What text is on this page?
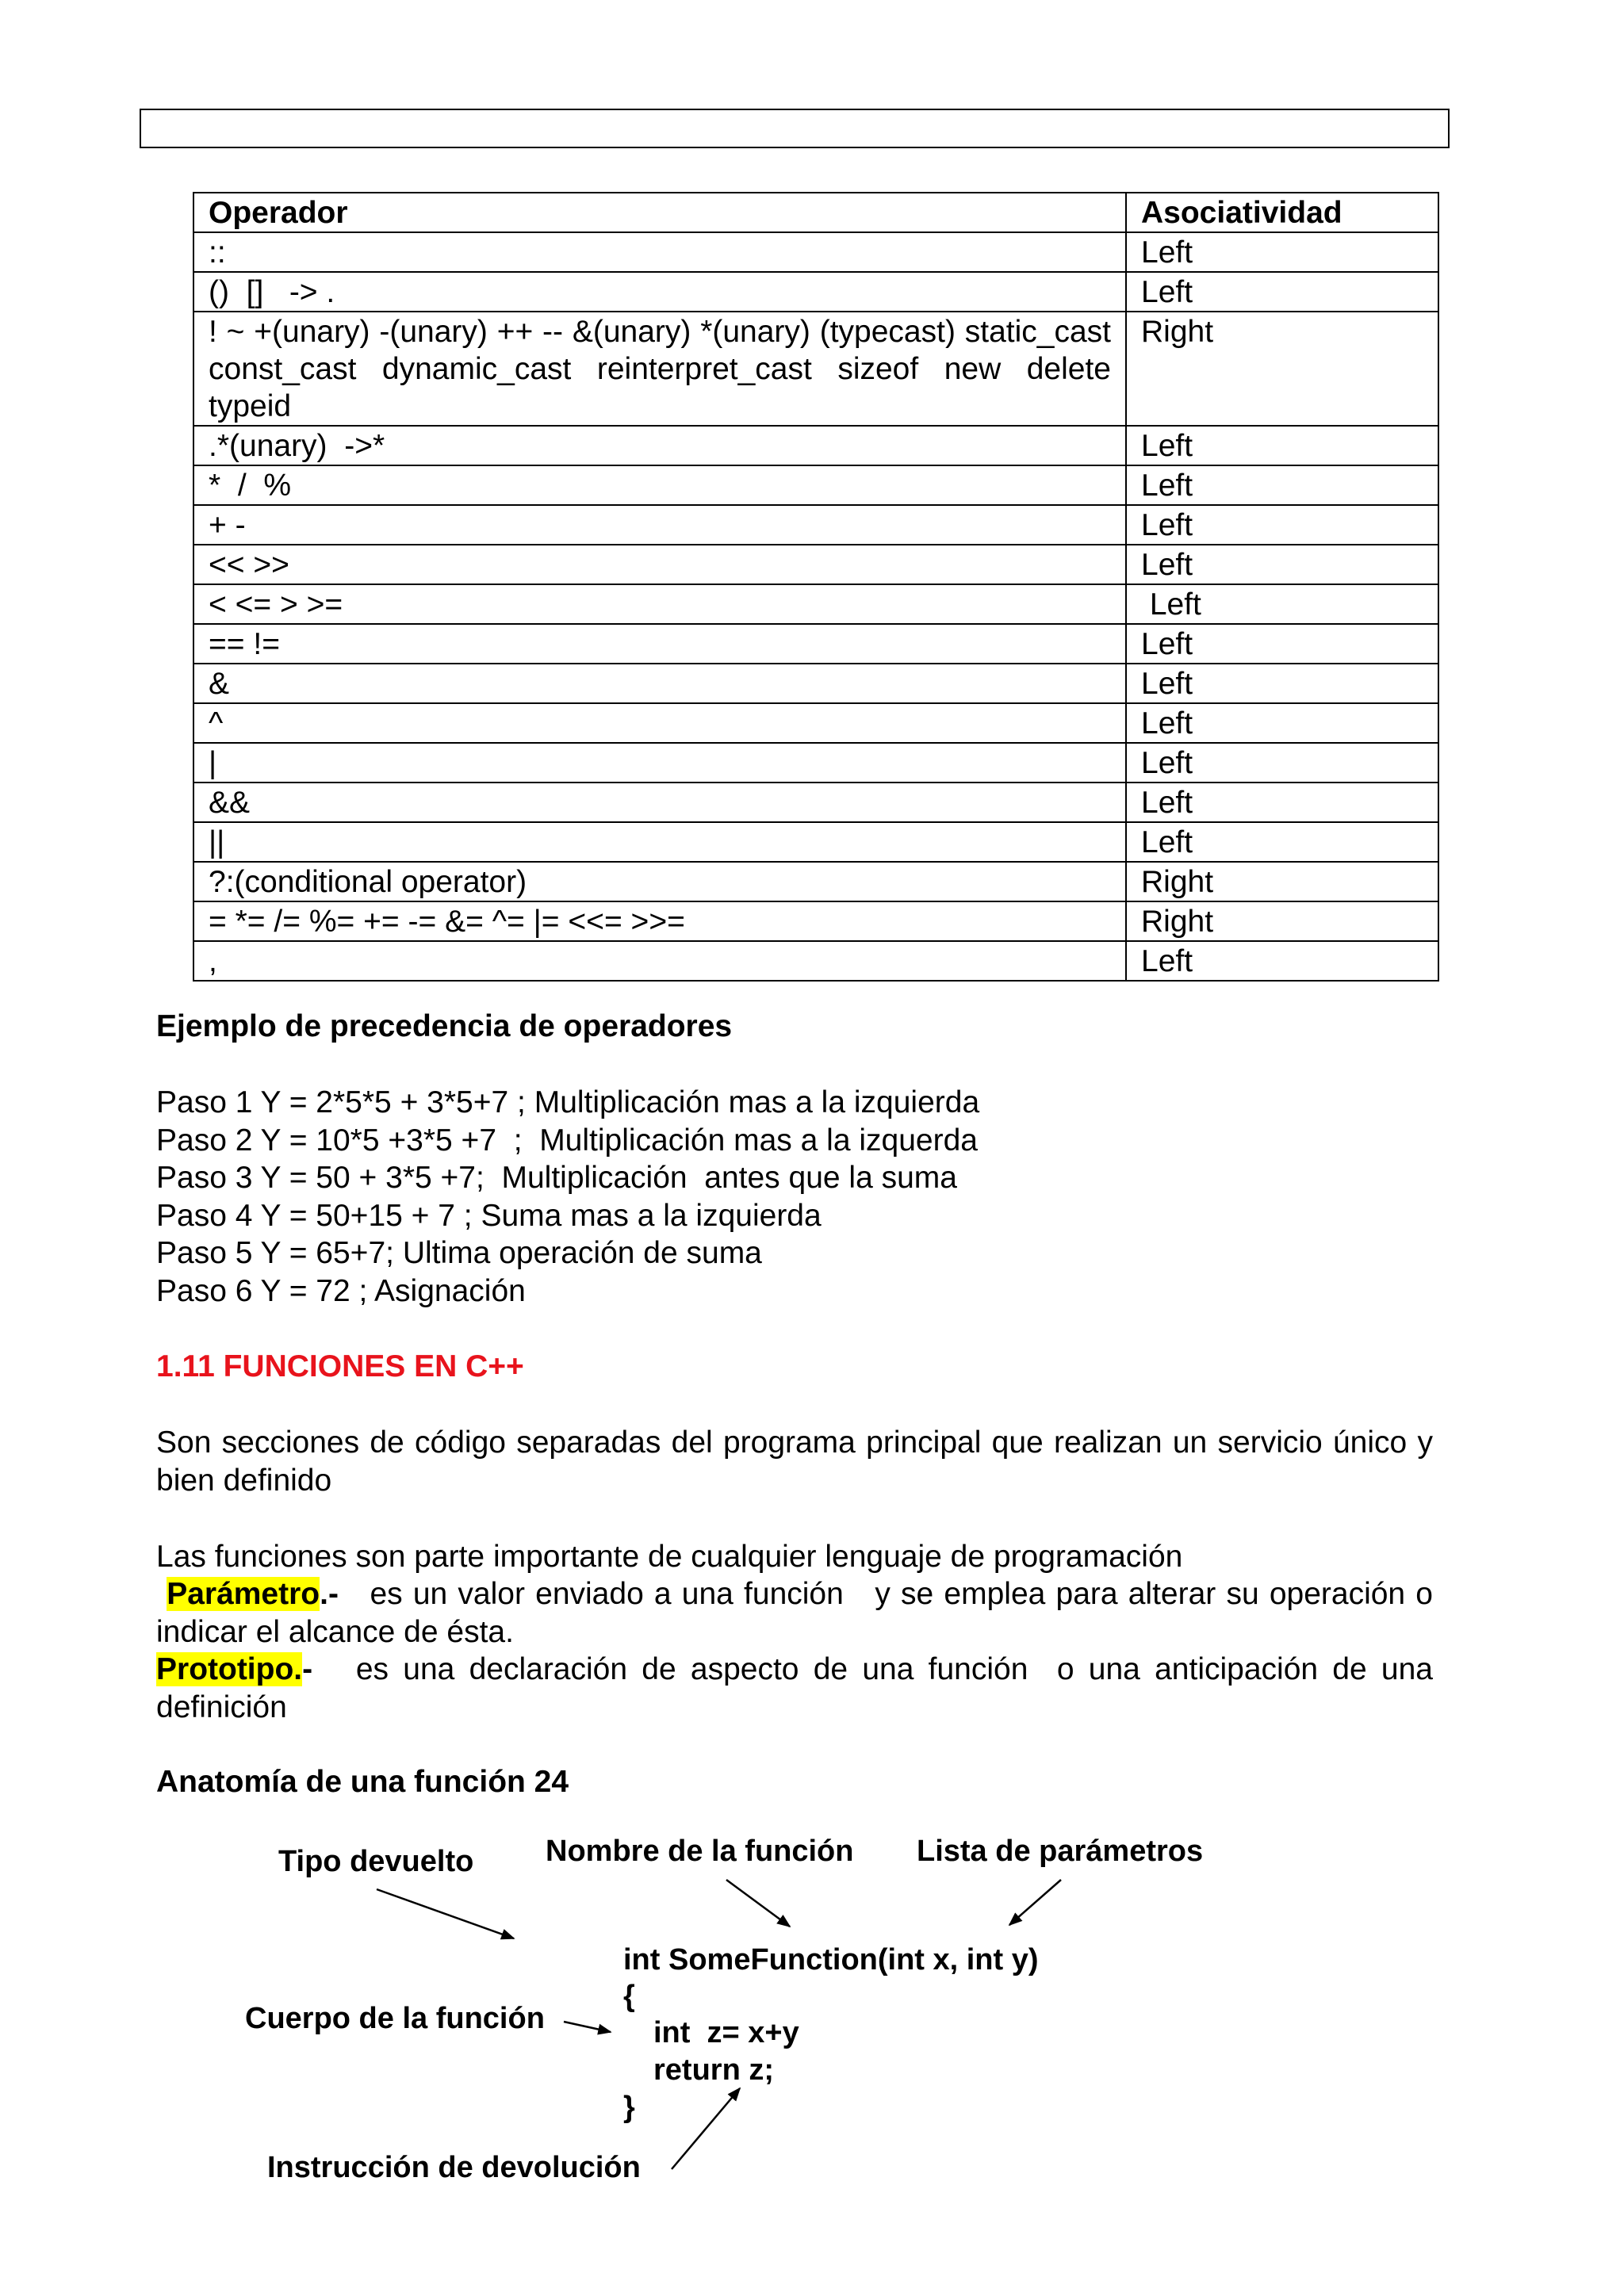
Operador	Asociatividad
::	Left
()  []   -> .	Left
! ~ +(unary) -(unary) ++ -- &(unary) *(unary) (typecast) static_cast const_cast dynamic_cast reinterpret_cast sizeof new delete typeid	Right
.*(unary)  ->*	Left
*  /  %	Left
+ -	Left
<< >>	Left
< <= > >=	Left
== !=	Left
&	Left
^	Left
|	Left
&&	Left
||	Left
?:(conditional operator)	Right
= *= /= %= += -= &= ^= |= <<= >>=	Right
,	Left
Ejemplo de precedencia de operadores
Paso 1 Y = 2*5*5 + 3*5+7 ; Multiplicación mas a la izquierda
Paso 2 Y = 10*5 +3*5 +7  ;  Multiplicación mas a la izquerda
Paso 3 Y = 50 + 3*5 +7;  Multiplicación  antes que la suma
Paso 4 Y = 50+15 + 7 ; Suma mas a la izquierda
Paso 5 Y = 65+7; Ultima operación de suma
Paso 6 Y = 72 ; Asignación
1.11 FUNCIONES EN C++
Son secciones de código separadas del programa principal que realizan un servicio único y bien definido
Las funciones son parte importante de cualquier lenguaje de programación
Parámetro.-   es un valor enviado a una función   y se emplea para alterar su operación o indicar el alcance de ésta.
Prototipo.-   es una declaración de aspecto de una función  o una anticipación de una definición
Anatomía de una función 24
Tipo devuelto Nombre de la función Lista de parámetros
Cuerpo de la función
Instrucción de devolución
int SomeFunction(int x, int y)
{
int  z= x+y
return z;
}
